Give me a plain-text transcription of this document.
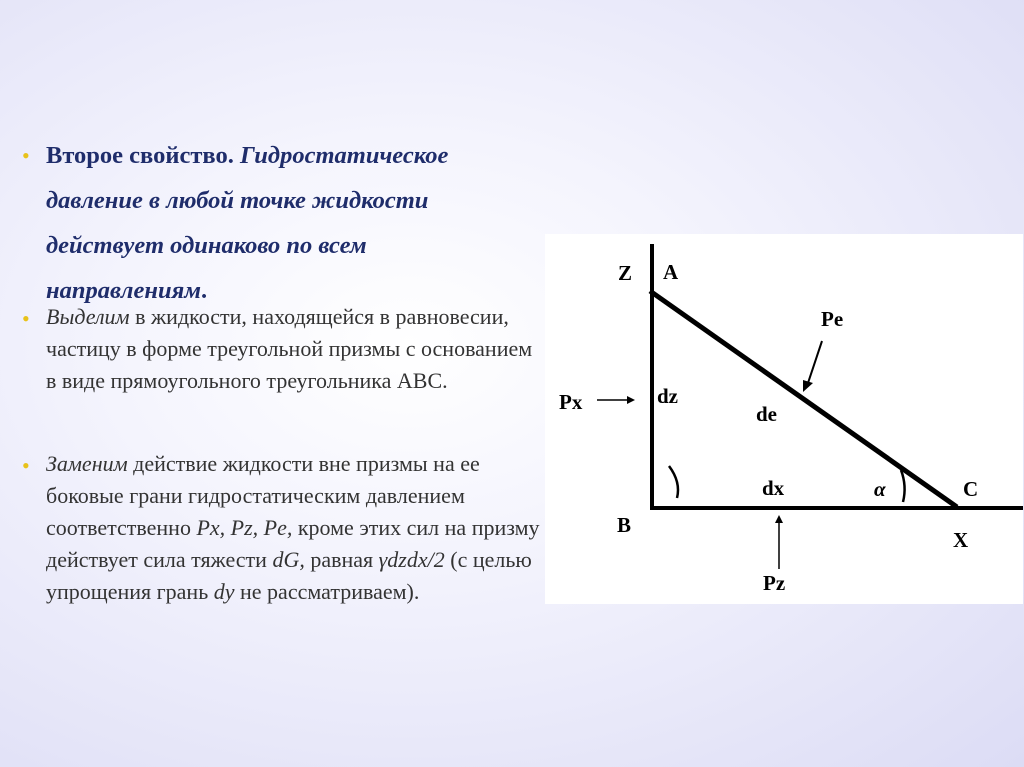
• Второе свойство. Гидростатическое
давление в любой точке жидкости
действует одинаково по всем
направлениям.

• Выделим в жидкости, находящейся в равновесии, частицу в форме треугольной призмы с основанием в виде прямоугольного треугольника ABC.

• Заменим действие жидкости вне призмы на ее боковые грани гидростатическим давлением соответственно Px, Pz, Pe, кроме этих сил на призму действует сила тяжести dG, равная γdzdx/2 (с целью упрощения грань dy не рассматриваем).

Z A
Pe
Px	dz
de
dx	α	C
B
X
Pz
